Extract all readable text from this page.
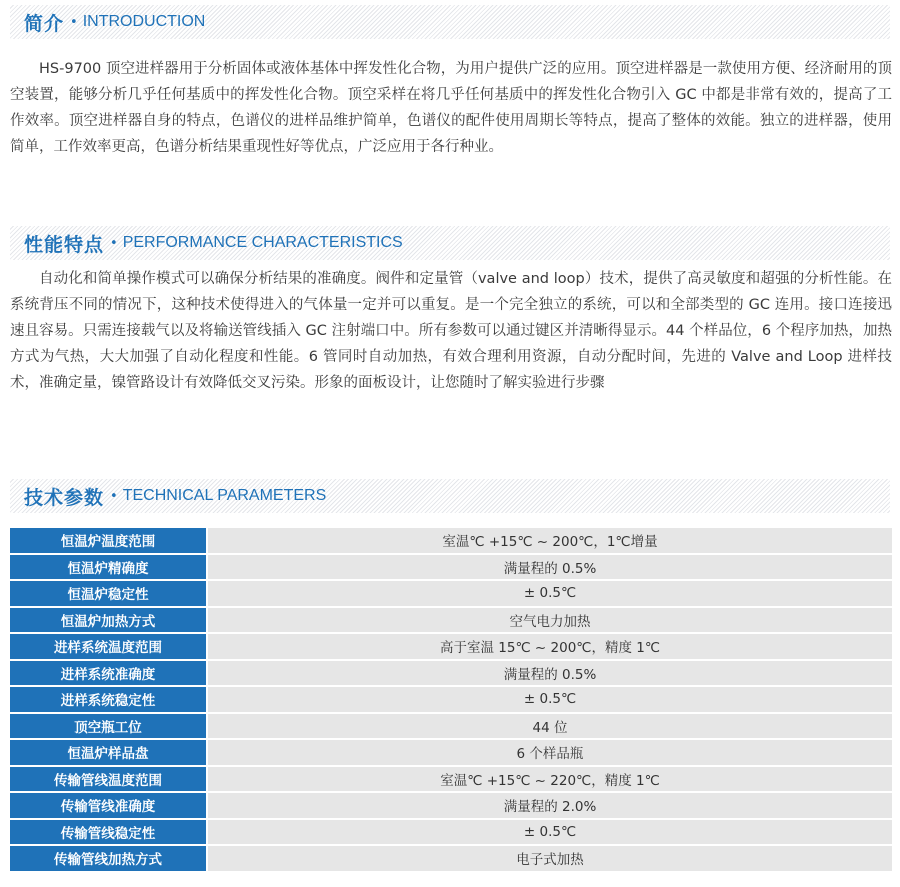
简介 • INTRODUCTION

HS-9700 顶空进样器用于分析固体或液体基体中挥发性化合物，为用户提供广泛的应用。顶空进样器是一款使用方便、经济耐用的顶空装置，能够分析几乎任何基质中的挥发性化合物。顶空采样在将几乎任何基质中的挥发性化合物引入 GC 中都是非常有效的，提高了工作效率。顶空进样器自身的特点，色谱仪的进样品维护简单，色谱仪的配件使用周期长等特点，提高了整体的效能。独立的进样器，使用简单，工作效率更高，色谱分析结果重现性好等优点，广泛应用于各行种业。

性能特点 • PERFORMANCE CHARACTERISTICS

自动化和简单操作模式可以确保分析结果的准确度。阀件和定量管（valve and loop）技术，提供了高灵敏度和超强的分析性能。在系统背压不同的情况下，这种技术使得进入的气体量一定并可以重复。是一个完全独立的系统，可以和全部类型的 GC 连用。接口连接迅速且容易。只需连接载气以及将输送管线插入 GC 注射端口中。所有参数可以通过键区并清晰得显示。44 个样品位，6 个程序加热，加热方式为气热，大大加强了自动化程度和性能。6 管同时自动加热，有效合理利用资源，自动分配时间，先进的 Valve and Loop 进样技术，准确定量，镍管路设计有效降低交叉污染。形象的面板设计，让您随时了解实验进行步骤

技术参数 • TECHNICAL PARAMETERS
恒温炉温度范围	室温℃ +15℃ ~ 200℃，1℃增量
恒温炉精确度	满量程的 0.5%
恒温炉稳定性	± 0.5℃
恒温炉加热方式	空气电力加热
进样系统温度范围	高于室温 15℃ ~ 200℃，精度 1℃
进样系统准确度	满量程的 0.5%
进样系统稳定性	± 0.5℃
顶空瓶工位	44 位
恒温炉样品盘	6 个样品瓶
传输管线温度范围	室温℃ +15℃ ~ 220℃，精度 1℃
传输管线准确度	满量程的 2.0%
传输管线稳定性	± 0.5℃
传输管线加热方式	电子式加热
